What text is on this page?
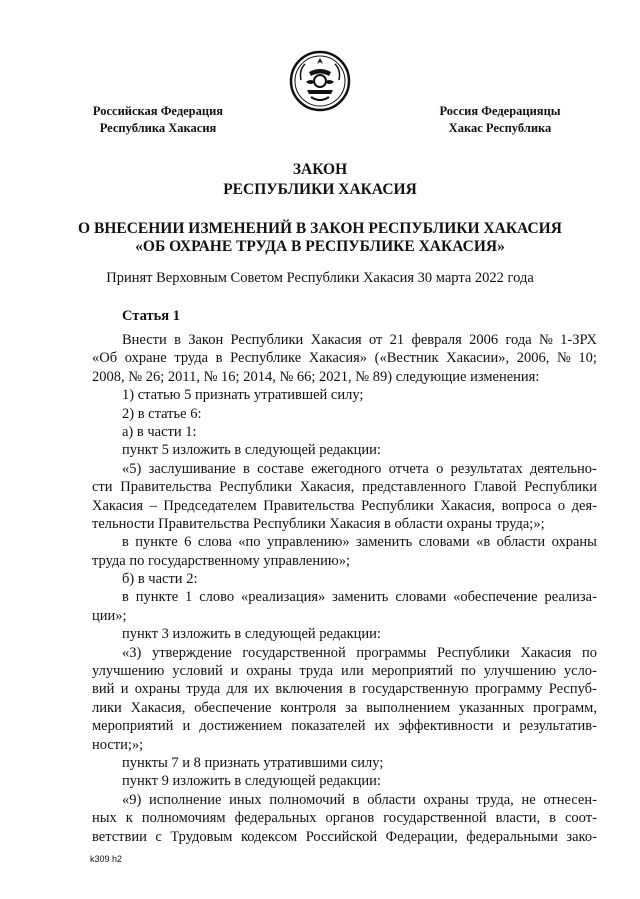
Российская Федерация
Республика Хакасия
Россия Федерацияцы
Хакас Республика
ЗАКОН
РЕСПУБЛИКИ ХАКАСИЯ
О ВНЕСЕНИИ ИЗМЕНЕНИЙ В ЗАКОН РЕСПУБЛИКИ ХАКАСИЯ
«ОБ ОХРАНЕ ТРУДА В РЕСПУБЛИКЕ ХАКАСИЯ»
Принят Верховным Советом Республики Хакасия 30 марта 2022 года
Статья 1
Внести в Закон Республики Хакасия от 21 февраля 2006 года № 1-ЗРХ
«Об охране труда в Республике Хакасия» («Вестник Хакасии», 2006, № 10;
2008, № 26; 2011, № 16; 2014, № 66; 2021, № 89) следующие изменения:
1) статью 5 признать утратившей силу;
2) в статье 6:
а) в части 1:
пункт 5 изложить в следующей редакции:
«5) заслушивание в составе ежегодного отчета о результатах деятельно-
сти Правительства Республики Хакасия, представленного Главой Республики
Хакасия – Председателем Правительства Республики Хакасия, вопроса о дея-
тельности Правительства Республики Хакасия в области охраны труда;»;
в пункте 6 слова «по управлению» заменить словами «в области охраны
труда по государственному управлению»;
б) в части 2:
в пункте 1 слово «реализация» заменить словами «обеспечение реализа-
ции»;
пункт 3 изложить в следующей редакции:
«3) утверждение государственной программы Республики Хакасия по
улучшению условий и охраны труда или мероприятий по улучшению усло-
вий и охраны труда для их включения в государственную программу Респуб-
лики Хакасия, обеспечение контроля за выполнением указанных программ,
мероприятий и достижением показателей их эффективности и результатив-
ности;»;
пункты 7 и 8 признать утратившими силу;
пункт 9 изложить в следующей редакции:
«9) исполнение иных полномочий в области охраны труда, не отнесен-
ных к полномочиям федеральных органов государственной власти, в соот-
ветствии с Трудовым кодексом Российской Федерации, федеральными зако-
k309 h2
